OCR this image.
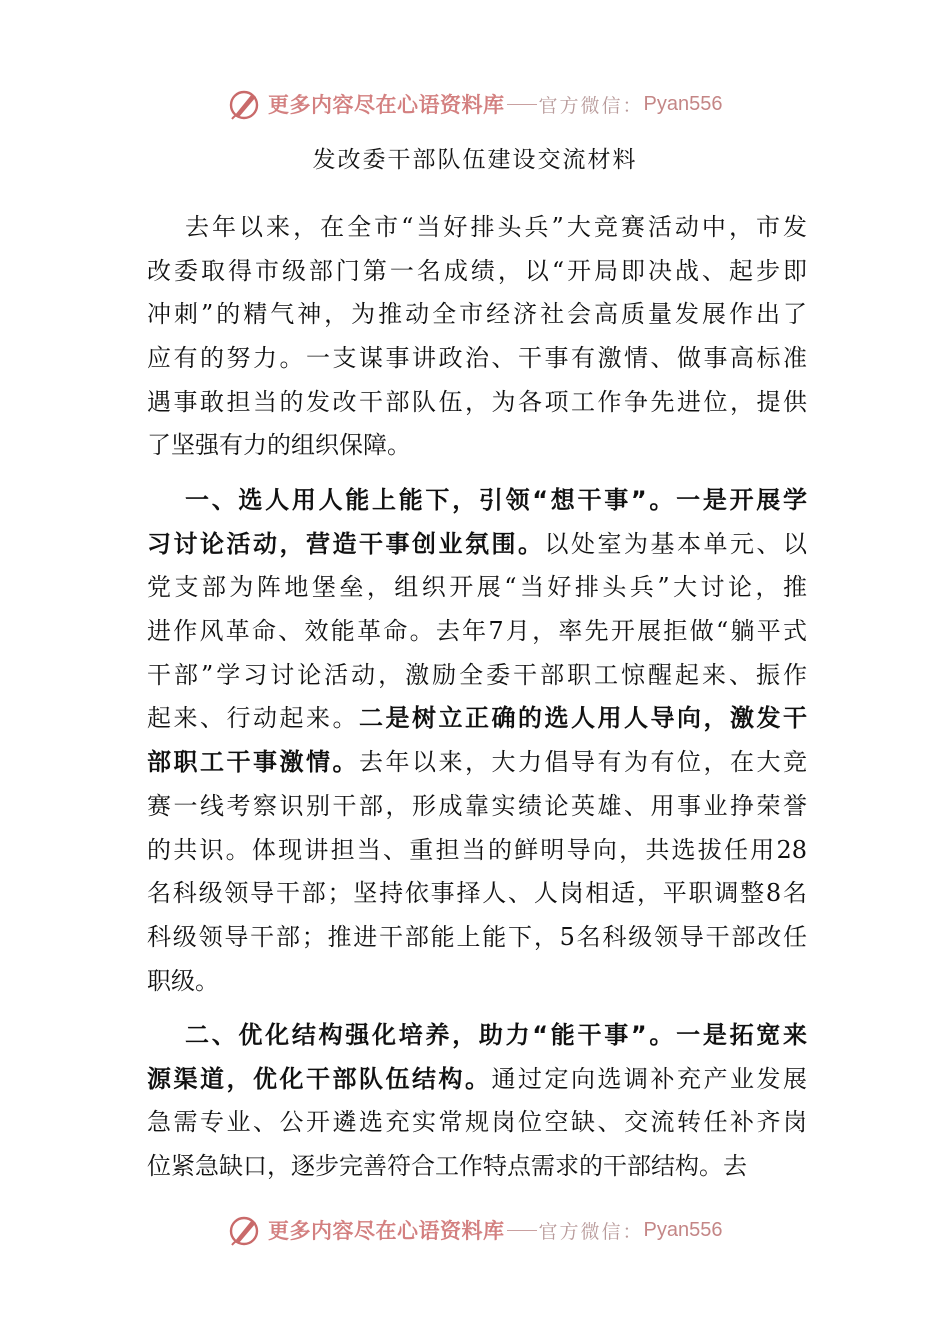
更多内容尽在心语资料库 官方微信： Pyan556
发改委干部队伍建设交流材料
去年以来，在全市“当好排头兵”大竞赛活动中，市发
改委取得市级部门第一名成绩，以“开局即决战、起步即
冲刺”的精气神，为推动全市经济社会高质量发展作出了
应有的努力。一支谋事讲政治、干事有激情、做事高标准
遇事敢担当的发改干部队伍，为各项工作争先进位，提供
了坚强有力的组织保障。
一、选人用人能上能下，引领“想干事”。一是开展学
习讨论活动，营造干事创业氛围。以处室为基本单元、以
党支部为阵地堡垒，组织开展“当好排头兵”大讨论，推
进作风革命、效能革命。去年7月，率先开展拒做“躺平式
干部”学习讨论活动，激励全委干部职工惊醒起来、振作
起来、行动起来。二是树立正确的选人用人导向，激发干
部职工干事激情。去年以来，大力倡导有为有位，在大竞
赛一线考察识别干部，形成靠实绩论英雄、用事业挣荣誉
的共识。体现讲担当、重担当的鲜明导向，共选拔任用28
名科级领导干部；坚持依事择人、人岗相适，平职调整8名
科级领导干部；推进干部能上能下，5名科级领导干部改任
职级。
二、优化结构强化培养，助力“能干事”。一是拓宽来
源渠道，优化干部队伍结构。通过定向选调补充产业发展
急需专业、公开遴选充实常规岗位空缺、交流转任补齐岗
位紧急缺口，逐步完善符合工作特点需求的干部结构。去
更多内容尽在心语资料库 官方微信： Pyan556
